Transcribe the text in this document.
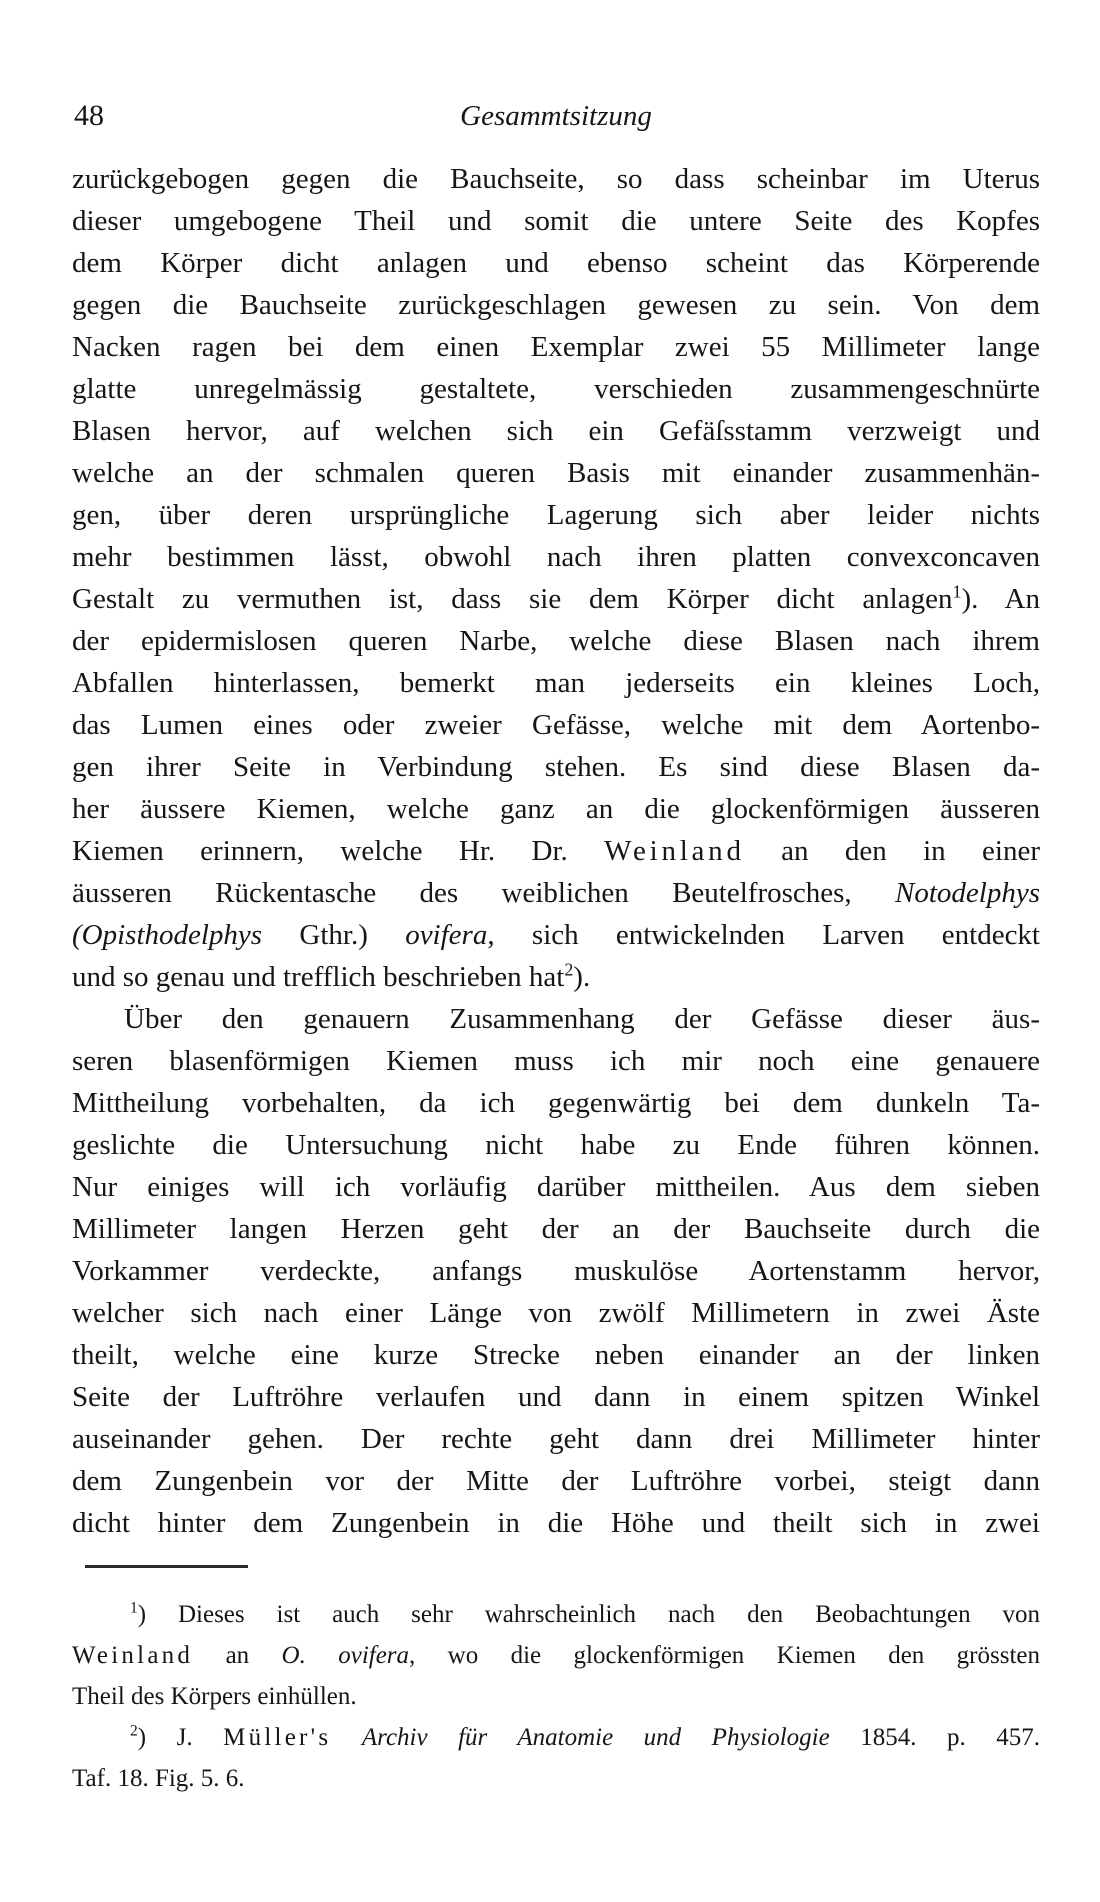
48	Gesammtsitzung
zurückgebogen gegen die Bauchseite, so dass scheinbar im Uterus
dieser umgebogene Theil und somit die untere Seite des Kopfes
dem Körper dicht anlagen und ebenso scheint das Körperende
gegen die Bauchseite zurückgeschlagen gewesen zu sein. Von dem
Nacken ragen bei dem einen Exemplar zwei 55 Millimeter lange
glatte unregelmässig gestaltete, verschieden zusammengeschnürte
Blasen hervor, auf welchen sich ein Gefäſsstamm verzweigt und
welche an der schmalen queren Basis mit einander zusammenhän-
gen, über deren ursprüngliche Lagerung sich aber leider nichts
mehr bestimmen lässt, obwohl nach ihren platten convexconcaven
Gestalt zu vermuthen ist, dass sie dem Körper dicht anlagen$^1$). An
der epidermislosen queren Narbe, welche diese Blasen nach ihrem
Abfallen hinterlassen, bemerkt man jederseits ein kleines Loch,
das Lumen eines oder zweier Gefässe, welche mit dem Aortenbo-
gen ihrer Seite in Verbindung stehen. Es sind diese Blasen da-
her äussere Kiemen, welche ganz an die glockenförmigen äusseren
Kiemen erinnern, welche Hr. Dr. Weinland an den in einer
äusseren Rückentasche des weiblichen Beutelfrosches, Notodelphys
(Opisthodelphys Gthr.) ovifera, sich entwickelnden Larven entdeckt
und so genau und trefflich beschrieben hat$^2$).
Über den genauern Zusammenhang der Gefässe dieser äus-
seren blasenförmigen Kiemen muss ich mir noch eine genauere
Mittheilung vorbehalten, da ich gegenwärtig bei dem dunkeln Ta-
geslichte die Untersuchung nicht habe zu Ende führen können.
Nur einiges will ich vorläufig darüber mittheilen. Aus dem sieben
Millimeter langen Herzen geht der an der Bauchseite durch die
Vorkammer verdeckte, anfangs muskulöse Aortenstamm hervor,
welcher sich nach einer Länge von zwölf Millimetern in zwei Äste
theilt, welche eine kurze Strecke neben einander an der linken
Seite der Luftröhre verlaufen und dann in einem spitzen Winkel
auseinander gehen. Der rechte geht dann drei Millimeter hinter
dem Zungenbein vor der Mitte der Luftröhre vorbei, steigt dann
dicht hinter dem Zungenbein in die Höhe und theilt sich in zwei
$^1$) Dieses ist auch sehr wahrscheinlich nach den Beobachtungen von
Weinland an O. ovifera, wo die glockenförmigen Kiemen den grössten
Theil des Körpers einhüllen.
$^2$) J. Müller's Archiv für Anatomie und Physiologie 1854. p. 457.
Taf. 18. Fig. 5. 6.
